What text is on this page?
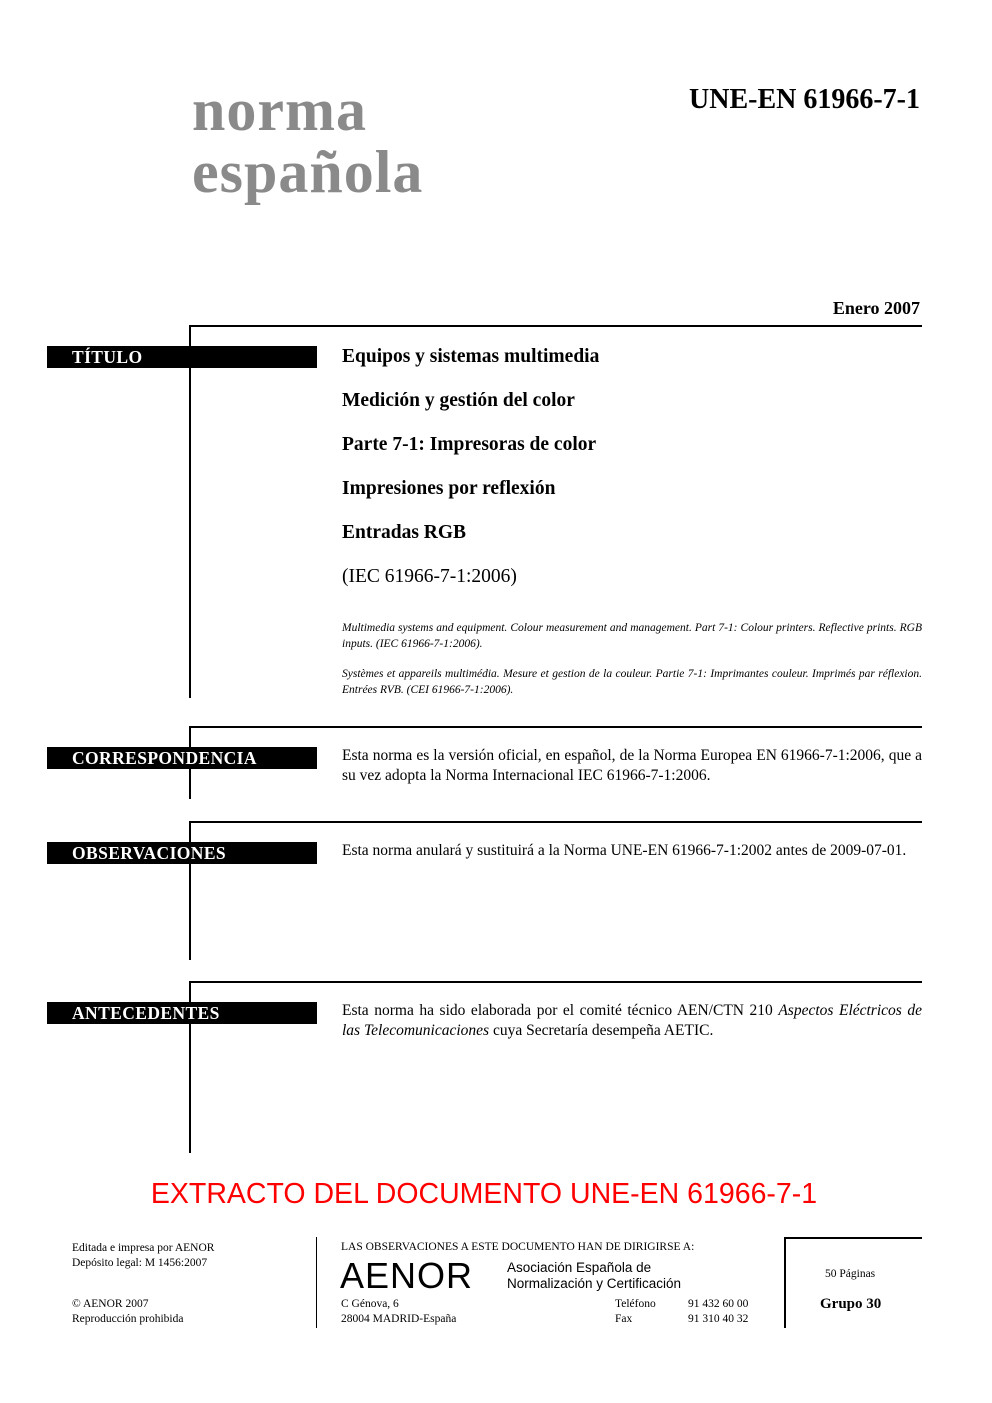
norma
española
UNE-EN 61966-7-1
Enero 2007
TÍTULO	Equipos y sistemas multimedia
Medición y gestión del color
Parte 7-1: Impresoras de color
Impresiones por reflexión
Entradas RGB
(IEC 61966-7-1:2006)
Multimedia systems and equipment. Colour measurement and management. Part 7-1: Colour printers. Reflective prints. RGB inputs. (IEC 61966-7-1:2006).
Systèmes et appareils multimédia. Mesure et gestion de la couleur. Partie 7-1: Imprimantes couleur. Imprimés par réflexion. Entrées RVB. (CEI 61966-7-1:2006).
CORRESPONDENCIA	Esta norma es la versión oficial, en español, de la Norma Europea EN 61966-7-1:2006, que a su vez adopta la Norma Internacional IEC 61966-7-1:2006.
OBSERVACIONES	Esta norma anulará y sustituirá a la Norma UNE-EN 61966-7-1:2002 antes de 2009-07-01.
ANTECEDENTES	Esta norma ha sido elaborada por el comité técnico AEN/CTN 210 Aspectos Eléctricos de las Telecomunicaciones cuya Secretaría desempeña AETIC.
EXTRACTO DEL DOCUMENTO UNE-EN 61966-7-1
Editada e impresa por AENOR
Depósito legal: M 1456:2007
© AENOR 2007
Reproducción prohibida
LAS OBSERVACIONES A ESTE DOCUMENTO HAN DE DIRIGIRSE A:
AENOR	Asociación Española de
Normalización y Certificación
C Génova, 6
28004 MADRID-España
Teléfono	91 432 60 00
Fax	91 310 40 32
50 Páginas
Grupo 30
